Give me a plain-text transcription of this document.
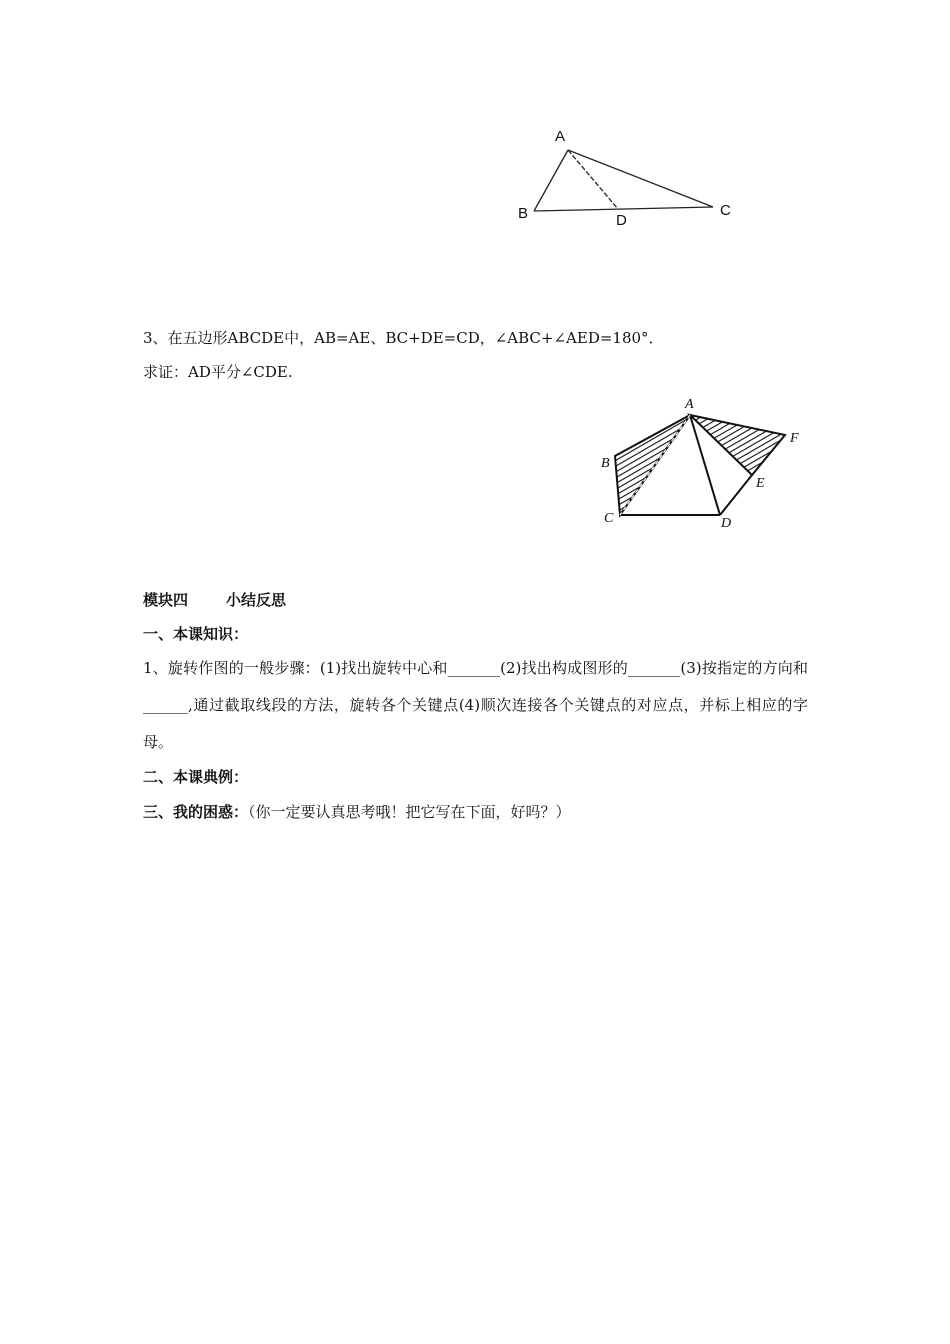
A
B	C
D
3、在五边形ABCDE中，AB=AE、BC+DE=CD，∠ABC+∠AED=180°．
求证：AD平分∠CDE.
A
B
C	D
E
F
模块四	小结反思
一、本课知识：
1、旋转作图的一般步骤：(1)找出旋转中心和_______(2)找出构成图形的_______(3)按指定的方向和______,通过截取线段的方法，旋转各个关键点(4)顺次连接各个关键点的对应点，并标上相应的字母。
二、本课典例：
三、我的困惑：（你一定要认真思考哦！把它写在下面，好吗？）
